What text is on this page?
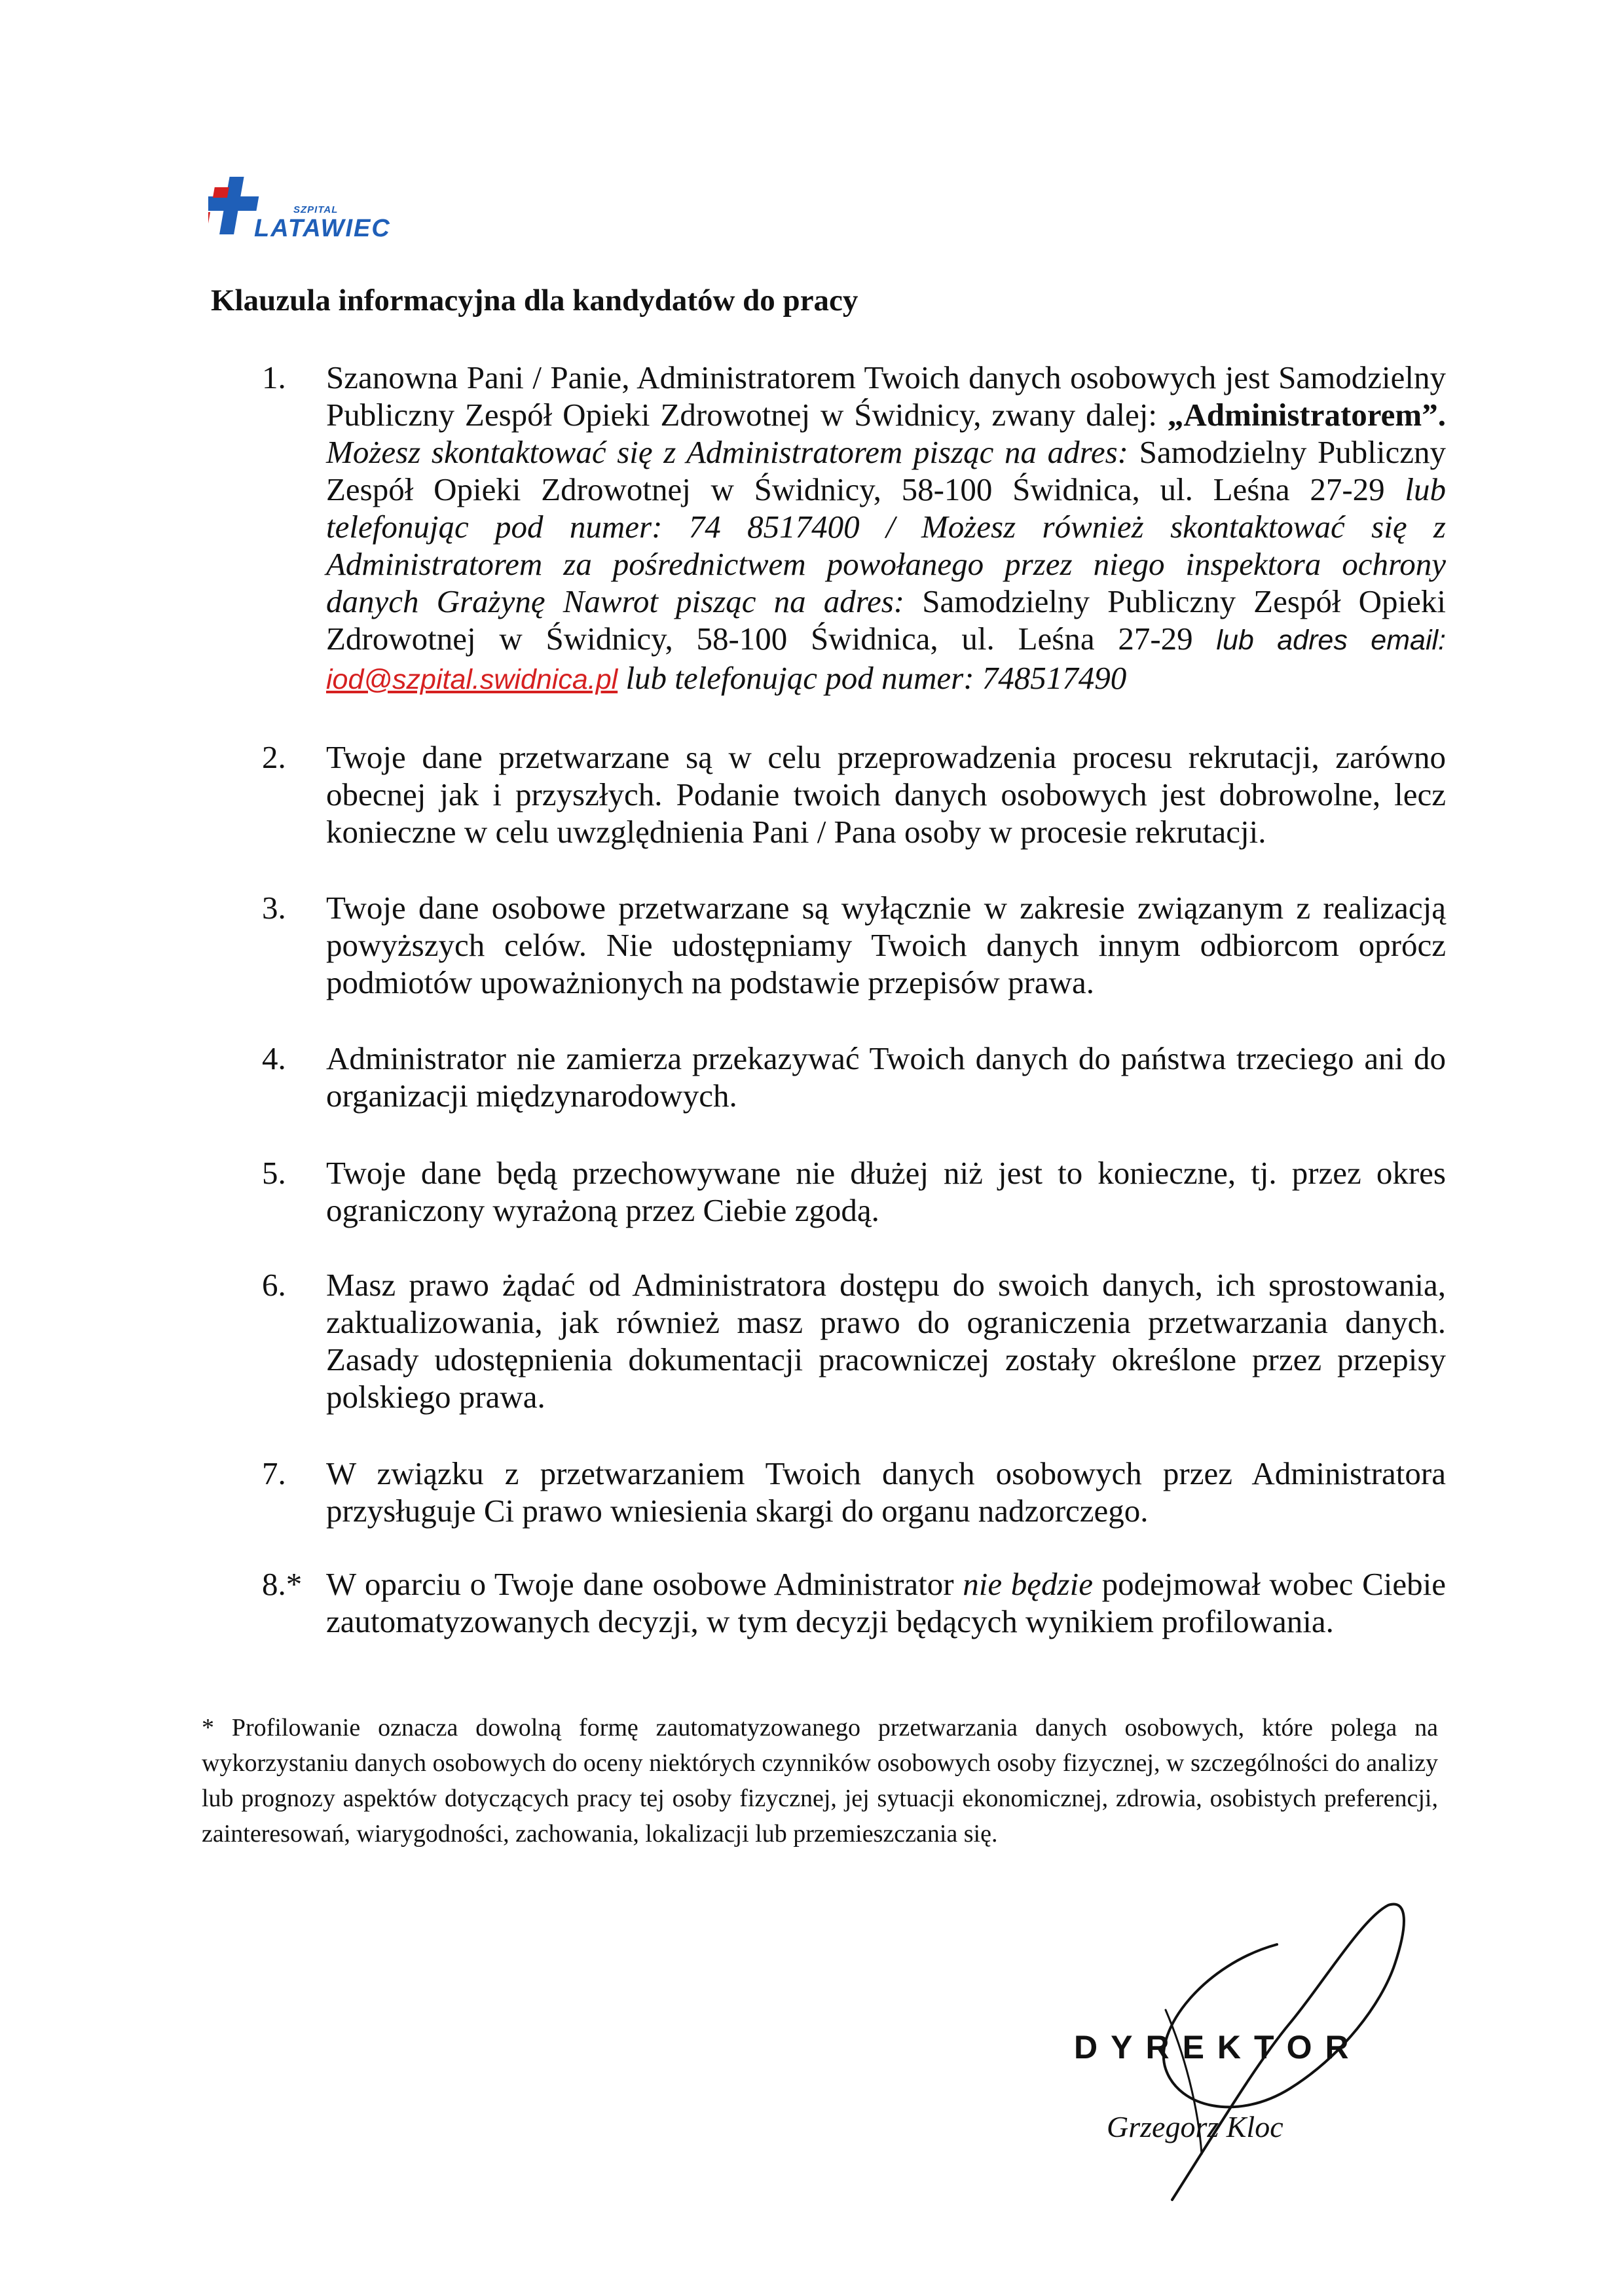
SZPITAL
LATAWIEC
Klauzula informacyjna dla kandydatów do pracy
1.	Szanowna Pani / Panie, Administratorem Twoich danych osobowych jest Samodzielny Publiczny Zespół Opieki Zdrowotnej w Świdnicy, zwany dalej: „Administratorem”. Możesz skontaktować się z Administratorem pisząc na adres: Samodzielny Publiczny Zespół Opieki Zdrowotnej w Świdnicy, 58-100 Świdnica, ul. Leśna 27-29 lub telefonując pod numer: 74 8517400 / Możesz również skontaktować się z Administratorem za pośrednictwem powołanego przez niego inspektora ochrony danych Grażynę Nawrot pisząc na adres: Samodzielny Publiczny Zespół Opieki Zdrowotnej w Świdnicy, 58-100 Świdnica, ul. Leśna 27-29 lub adres email: iod@szpital.swidnica.pl lub telefonując pod numer: 748517490
2.	Twoje dane przetwarzane są w celu przeprowadzenia procesu rekrutacji, zarówno obecnej jak i przyszłych. Podanie twoich danych osobowych jest dobrowolne, lecz konieczne w celu uwzględnienia Pani / Pana osoby w procesie rekrutacji.
3.	Twoje dane osobowe przetwarzane są wyłącznie w zakresie związanym z realizacją powyższych celów. Nie udostępniamy Twoich danych innym odbiorcom oprócz podmiotów upoważnionych na podstawie przepisów prawa.
4.	Administrator nie zamierza przekazywać Twoich danych do państwa trzeciego ani do organizacji międzynarodowych.
5.	Twoje dane będą przechowywane nie dłużej niż jest to konieczne, tj. przez okres ograniczony wyrażoną przez Ciebie zgodą.
6.	Masz prawo żądać od Administratora dostępu do swoich danych, ich sprostowania, zaktualizowania, jak również masz prawo do ograniczenia przetwarzania danych. Zasady udostępnienia dokumentacji pracowniczej zostały określone przez przepisy polskiego prawa.
7.	W związku z przetwarzaniem Twoich danych osobowych przez Administratora przysługuje Ci prawo wniesienia skargi do organu nadzorczego.
8.* W oparciu o Twoje dane osobowe Administrator nie będzie podejmował wobec Ciebie zautomatyzowanych decyzji, w tym decyzji będących wynikiem profilowania.

* Profilowanie oznacza dowolną formę zautomatyzowanego przetwarzania danych osobowych, które polega na wykorzystaniu danych osobowych do oceny niektórych czynników osobowych osoby fizycznej, w szczególności do analizy lub prognozy aspektów dotyczących pracy tej osoby fizycznej, jej sytuacji ekonomicznej, zdrowia, osobistych preferencji, zainteresowań, wiarygodności, zachowania, lokalizacji lub przemieszczania się.

DYREKTOR
Grzegorz Kloc
